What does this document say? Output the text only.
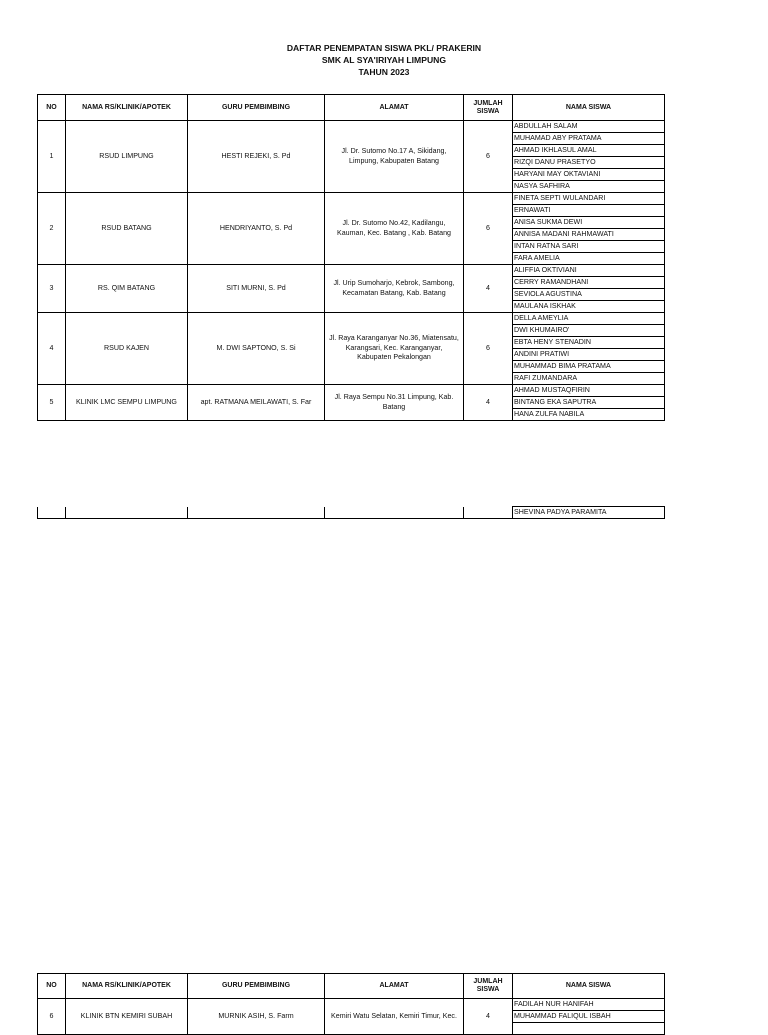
DAFTAR PENEMPATAN SISWA PKL/ PRAKERIN
SMK AL SYA'IRIYAH LIMPUNG
TAHUN 2023
NO	NAMA RS/KLINIK/APOTEK	GURU PEMBIMBING	ALAMAT	JUMLAH
SISWA	NAMA SISWA
1	RSUD LIMPUNG	HESTI REJEKI, S. Pd	Jl. Dr. Sutomo No.17 A, Sikidang, Limpung, Kabupaten Batang	6	ABDULLAH SALAM
					MUHAMAD ABY PRATAMA
					AHMAD IKHLASUL AMAL
					RIZQI DANU PRASETYO
					HARYANI MAY OKTAVIANI
					NASYA SAFHIRA
2	RSUD BATANG	HENDRIYANTO, S. Pd	Jl. Dr. Sutomo No.42, Kadilangu, Kauman, Kec. Batang , Kab. Batang	6	FINETA SEPTI WULANDARI
					ERNAWATI
					ANISA SUKMA DEWI
					ANNISA MADANI RAHMAWATI
					INTAN RATNA SARI
					FARA AMELIA
3	RS. QIM BATANG	SITI MURNI, S. Pd	Jl. Urip Sumoharjo, Kebrok, Sambong, Kecamatan Batang, Kab. Batang	4	ALIFFIA OKTIVIANI
					CERRY RAMANDHANI
					SEVIOLA AGUSTINA
					MAULANA ISKHAK
4	RSUD KAJEN	M. DWI SAPTONO, S. Si	Jl. Raya Karanganyar No.36, Miatensatu, Karangsari, Kec. Karanganyar, Kabupaten Pekalongan	6	DELLA AMEYLIA
					DWI KHUMAIRO'
					EBTA HENY STENADIN
					ANDINI PRATIWI
					MUHAMMAD BIMA PRATAMA
					RAFI ZUMANDARA
5	KLINIK LMC SEMPU LIMPUNG	apt. RATMANA MEILAWATI, S. Far	Jl. Raya Sempu No.31 Limpung, Kab. Batang	4	AHMAD MUSTAQFIRIN
					BINTANG EKA SAPUTRA
					HANA ZULFA NABILA
					SHEVINA PADYA PARAMITA
NO	NAMA RS/KLINIK/APOTEK	GURU PEMBIMBING	ALAMAT	JUMLAH
SISWA	NAMA SISWA
6	KLINIK BTN KEMIRI SUBAH	MURNIK ASIH, S. Farm	Kemiri Watu Selatan, Kemiri Timur, Kec.	4	FADILAH NUR HANIFAH
					MUHAMMAD FALIQUL ISBAH
